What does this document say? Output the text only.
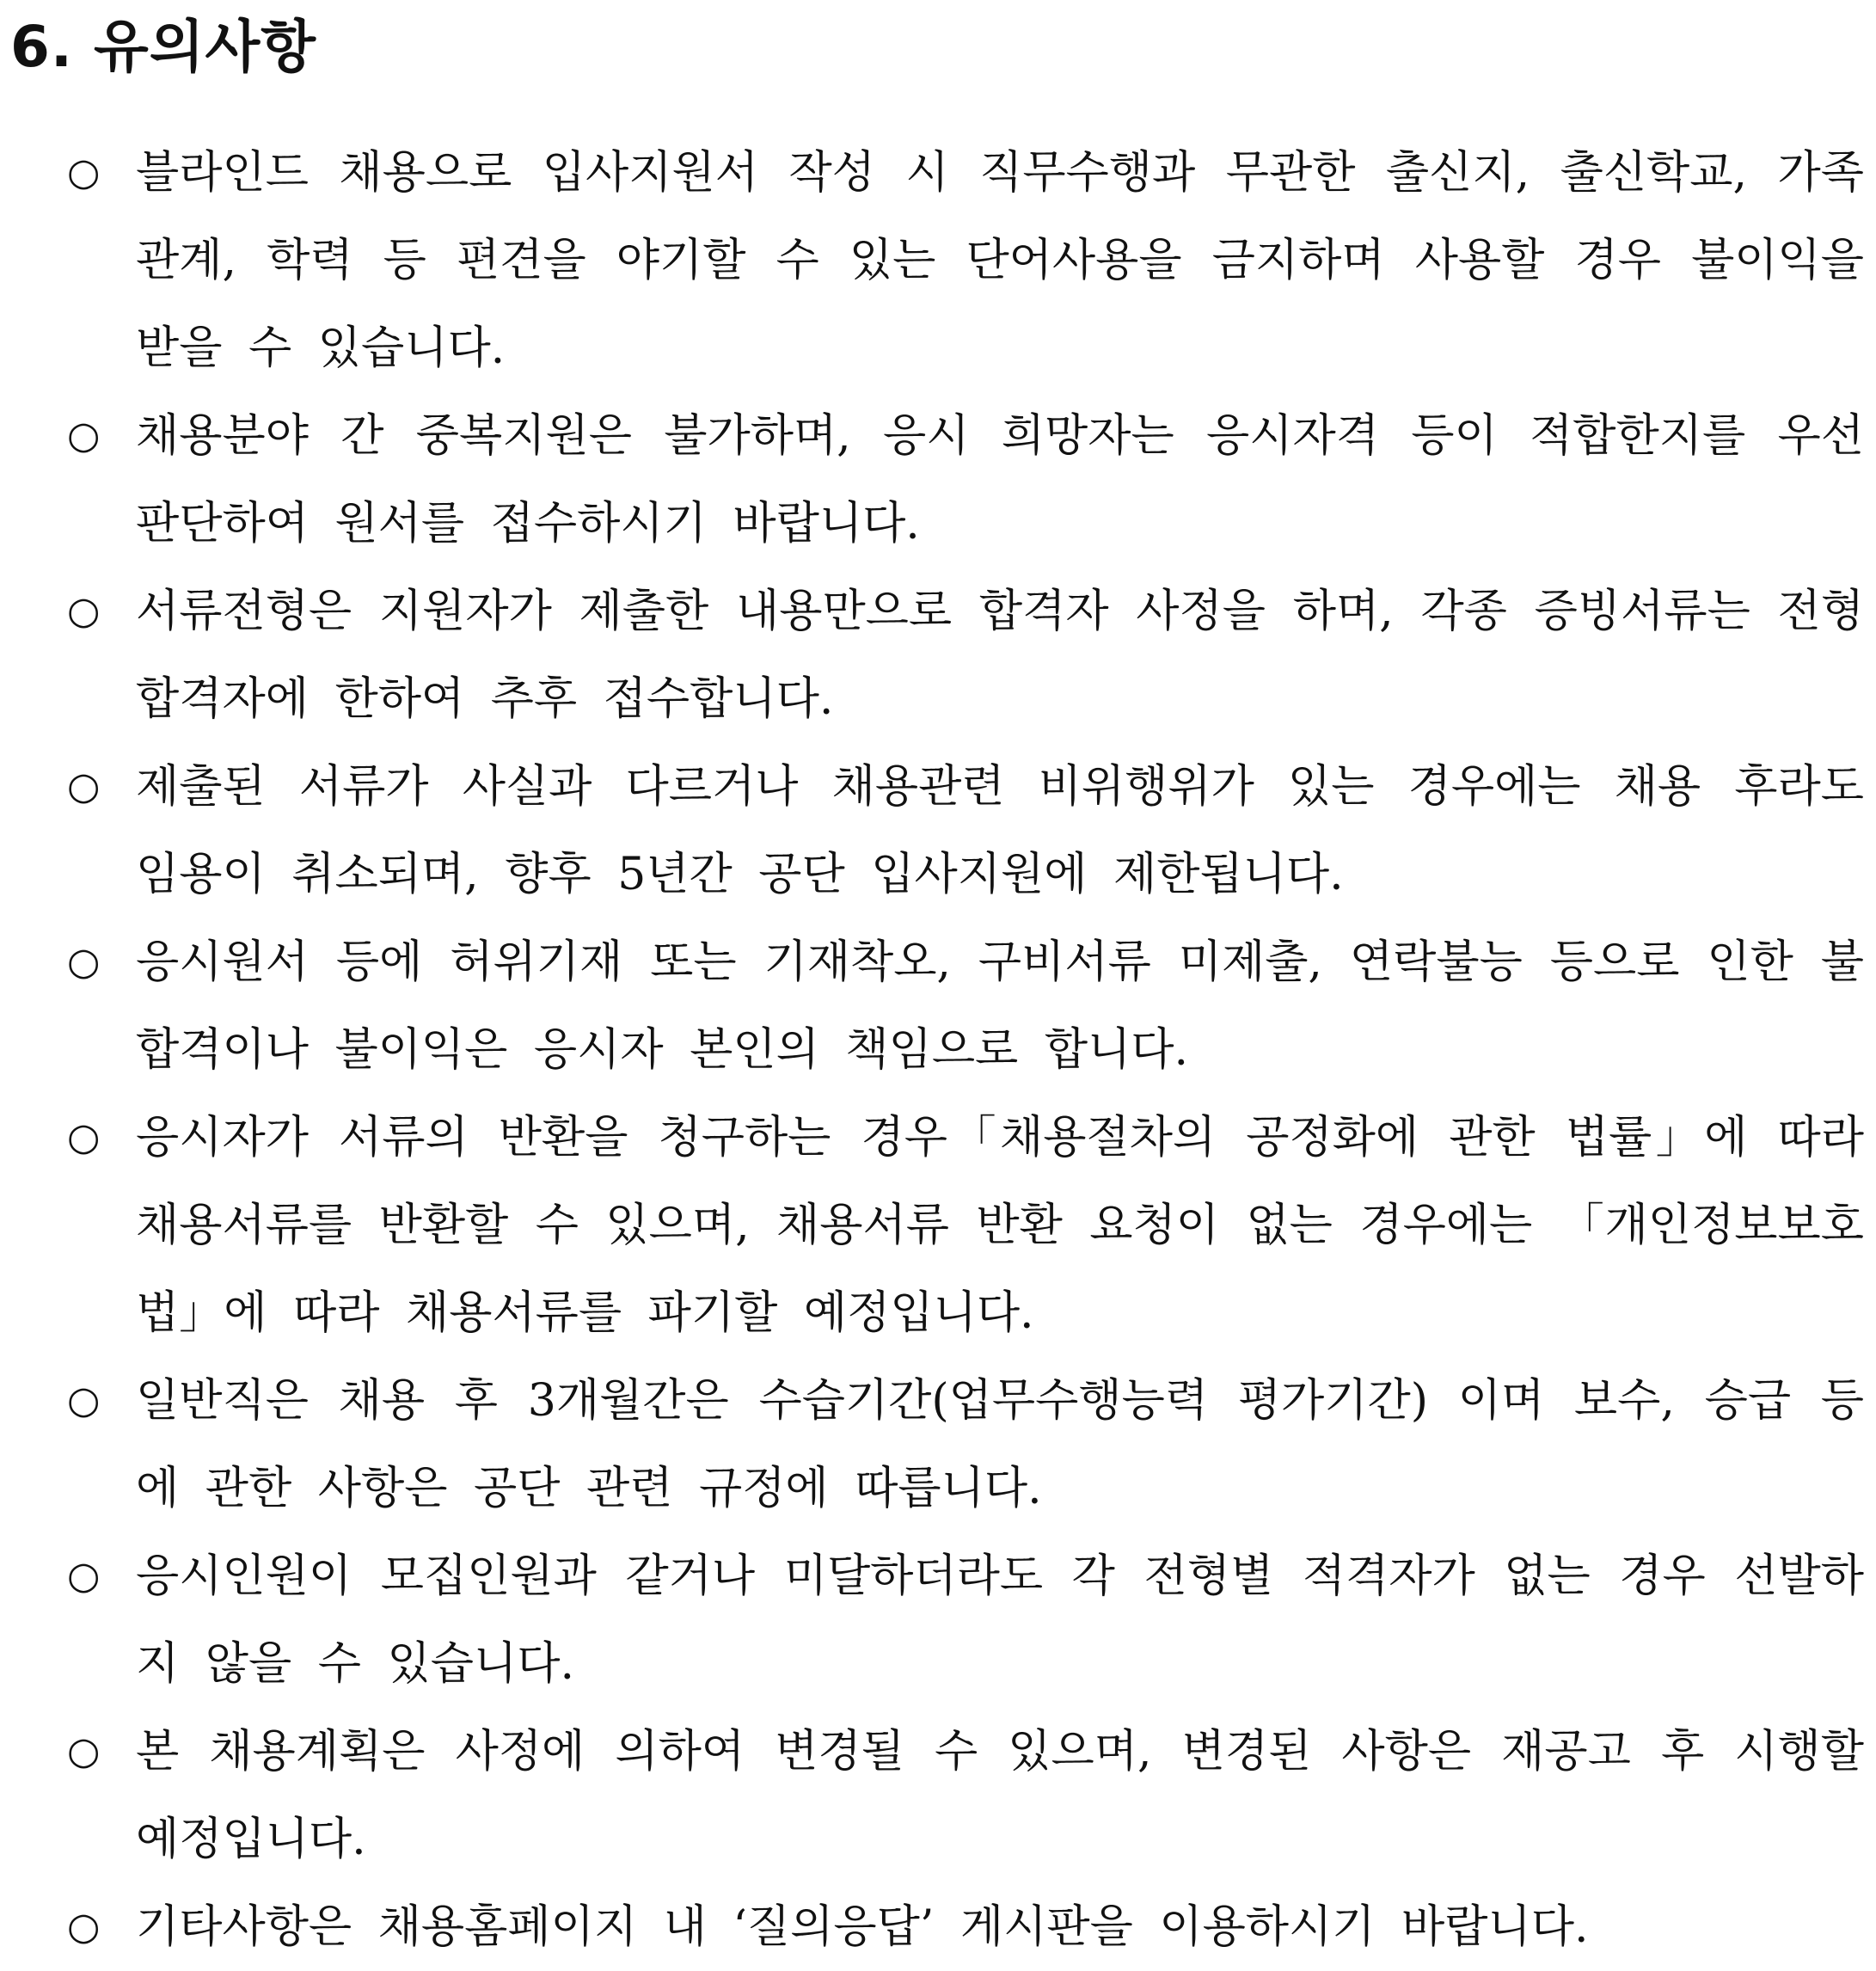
6. 유의사항
○ 블라인드 채용으로 입사지원서 작성 시 직무수행과 무관한 출신지, 출신학교, 가족관계, 학력 등 편견을 야기할 수 있는 단어사용을 금지하며 사용할 경우 불이익을 받을 수 있습니다.
○ 채용분야 간 중복지원은 불가하며, 응시 희망자는 응시자격 등이 적합한지를 우선 판단하여 원서를 접수하시기 바랍니다.
○ 서류전형은 지원자가 제출한 내용만으로 합격자 사정을 하며, 각종 증빙서류는 전형 합격자에 한하여 추후 접수합니다.
○ 제출된 서류가 사실과 다르거나 채용관련 비위행위가 있는 경우에는 채용 후라도 임용이 취소되며, 향후 5년간 공단 입사지원에 제한됩니다.
○ 응시원서 등에 허위기재 또는 기재착오, 구비서류 미제출, 연락불능 등으로 인한 불합격이나 불이익은 응시자 본인의 책임으로 합니다.
○ 응시자가 서류의 반환을 청구하는 경우「채용절차의 공정화에 관한 법률」에 따라 채용서류를 반환할 수 있으며, 채용서류 반환 요청이 없는 경우에는 「개인정보보호법」에 따라 채용서류를 파기할 예정입니다.
○ 일반직은 채용 후 3개월간은 수습기간(업무수행능력 평가기간) 이며 보수, 승급 등에 관한 사항은 공단 관련 규정에 따릅니다.
○ 응시인원이 모집인원과 같거나 미달하더라도 각 전형별 적격자가 없는 경우 선발하지 않을 수 있습니다.
○ 본 채용계획은 사정에 의하여 변경될 수 있으며, 변경된 사항은 재공고 후 시행할 예정입니다.
○ 기타사항은 채용홈페이지 내 ‘질의응답’ 게시판을 이용하시기 바랍니다.
